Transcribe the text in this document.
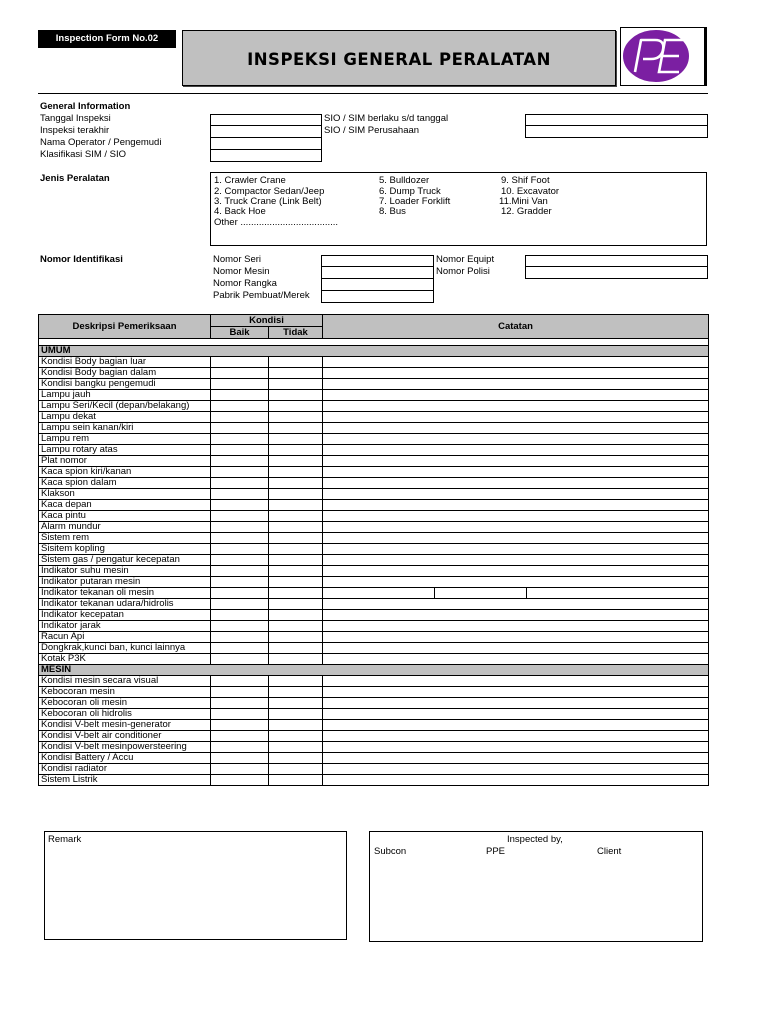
Inspection Form No.02
INSPEKSI GENERAL PERALATAN
PE
General Information
Tanggal Inspeksi
Inspeksi terakhir
Nama Operator / Pengemudi
Klasifikasi SIM / SIO
SIO / SIM berlaku s/d tanggal
SIO / SIM Perusahaan
Jenis Peralatan	1. Crawler Crane
2. Compactor Sedan/Jeep
3. Truck Crane (Link Belt)
4. Back Hoe
Other .....................................
5. Bulldozer
6. Dump Truck
7. Loader Forklift
8. Bus
9. Shif Foot
10. Excavator
11.Mini Van
12. Gradder
Nomor Identifikasi	Nomor Seri
Nomor Mesin
Nomor Rangka
Pabrik Pembuat/Merek
Nomor Equipt
Nomor Polisi
Deskripsi Pemeriksaan	Kondisi		Catatan		
	Baik	Tidak			

UMUM					
Kondisi Body bagian luar					
Kondisi Body bagian dalam					
Kondisi bangku pengemudi					
Lampu jauh					
Lampu Seri/Kecil (depan/belakang)					
Lampu dekat					
Lampu sein kanan/kiri					
Lampu rem					
Lampu rotary atas					
Plat nomor					
Kaca spion kiri/kanan					
Kaca spion dalam					
Klakson					
Kaca depan					
Kaca pintu					
Alarm mundur					
Sistem rem					
Sisitem kopling					
Sistem gas / pengatur kecepatan					
Indikator suhu mesin					
Indikator putaran mesin					
Indikator tekanan oli mesin					
Indikator tekanan udara/hidrolis					
Indikator kecepatan					
Indikator jarak					
Racun Api					
Dongkrak,kunci ban, kunci lainnya					
Kotak P3K					
MESIN					
Kondisi mesin secara visual					
Kebocoran mesin					
Kebocoran oli mesin					
Kebocoran oli hidrolis					
Kondisi V-belt mesin-generator					
Kondisi V-belt air conditioner					
Kondisi V-belt mesinpowersteering					
Kondisi Battery / Accu					
Kondisi radiator					
Sistem Listrik					
Remark	Inspected by,
Subcon	PPE	Client
